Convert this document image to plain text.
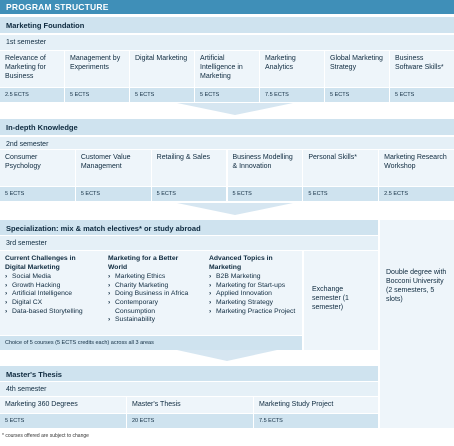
PROGRAM STRUCTURE
Marketing Foundation
1st semester
Relevance of Marketing for Business
2.5 ECTS
Management by Experiments
5 ECTS
Digital Marketing
5 ECTS
Artificial Intelligence in Marketing
5 ECTS
Marketing Analytics
7.5 ECTS
Global Marketing Strategy
5 ECTS
Business Software Skills*
5 ECTS
In-depth Knowledge
2nd semester
Consumer Psychology
5 ECTS
Customer Value Management
5 ECTS
Retailing & Sales
5 ECTS
Business Modelling & Innovation
5 ECTS
Personal Skills*
5 ECTS
Marketing Research Workshop
2.5 ECTS
Specialization: mix & match electives* or study abroad
3rd semester
Current Challenges in Digital Marketing
› Social Media
› Growth Hacking
› Artificial Intelligence
› Digital CX
› Data-based Storytelling
Marketing for a Better World
› Marketing Ethics
› Charity Marketing
› Doing Business in Africa
› Contemporary Consumption
› Sustainability
Advanced Topics in Marketing
› B2B Marketing
› Marketing for Start-ups
› Applied Innovation
› Marketing Strategy
› Marketing Practice Project
Choice of 5 courses (5 ECTS credits each) across all 3 areas
Exchange semester (1 semester)
Double degree with Bocconi University (2 semesters, 5 slots)
Master's Thesis
4th semester
Marketing 360 Degrees	Master's Thesis	Marketing Study Project
5 ECTS	20 ECTS	7.5 ECTS
* courses offered are subject to change
